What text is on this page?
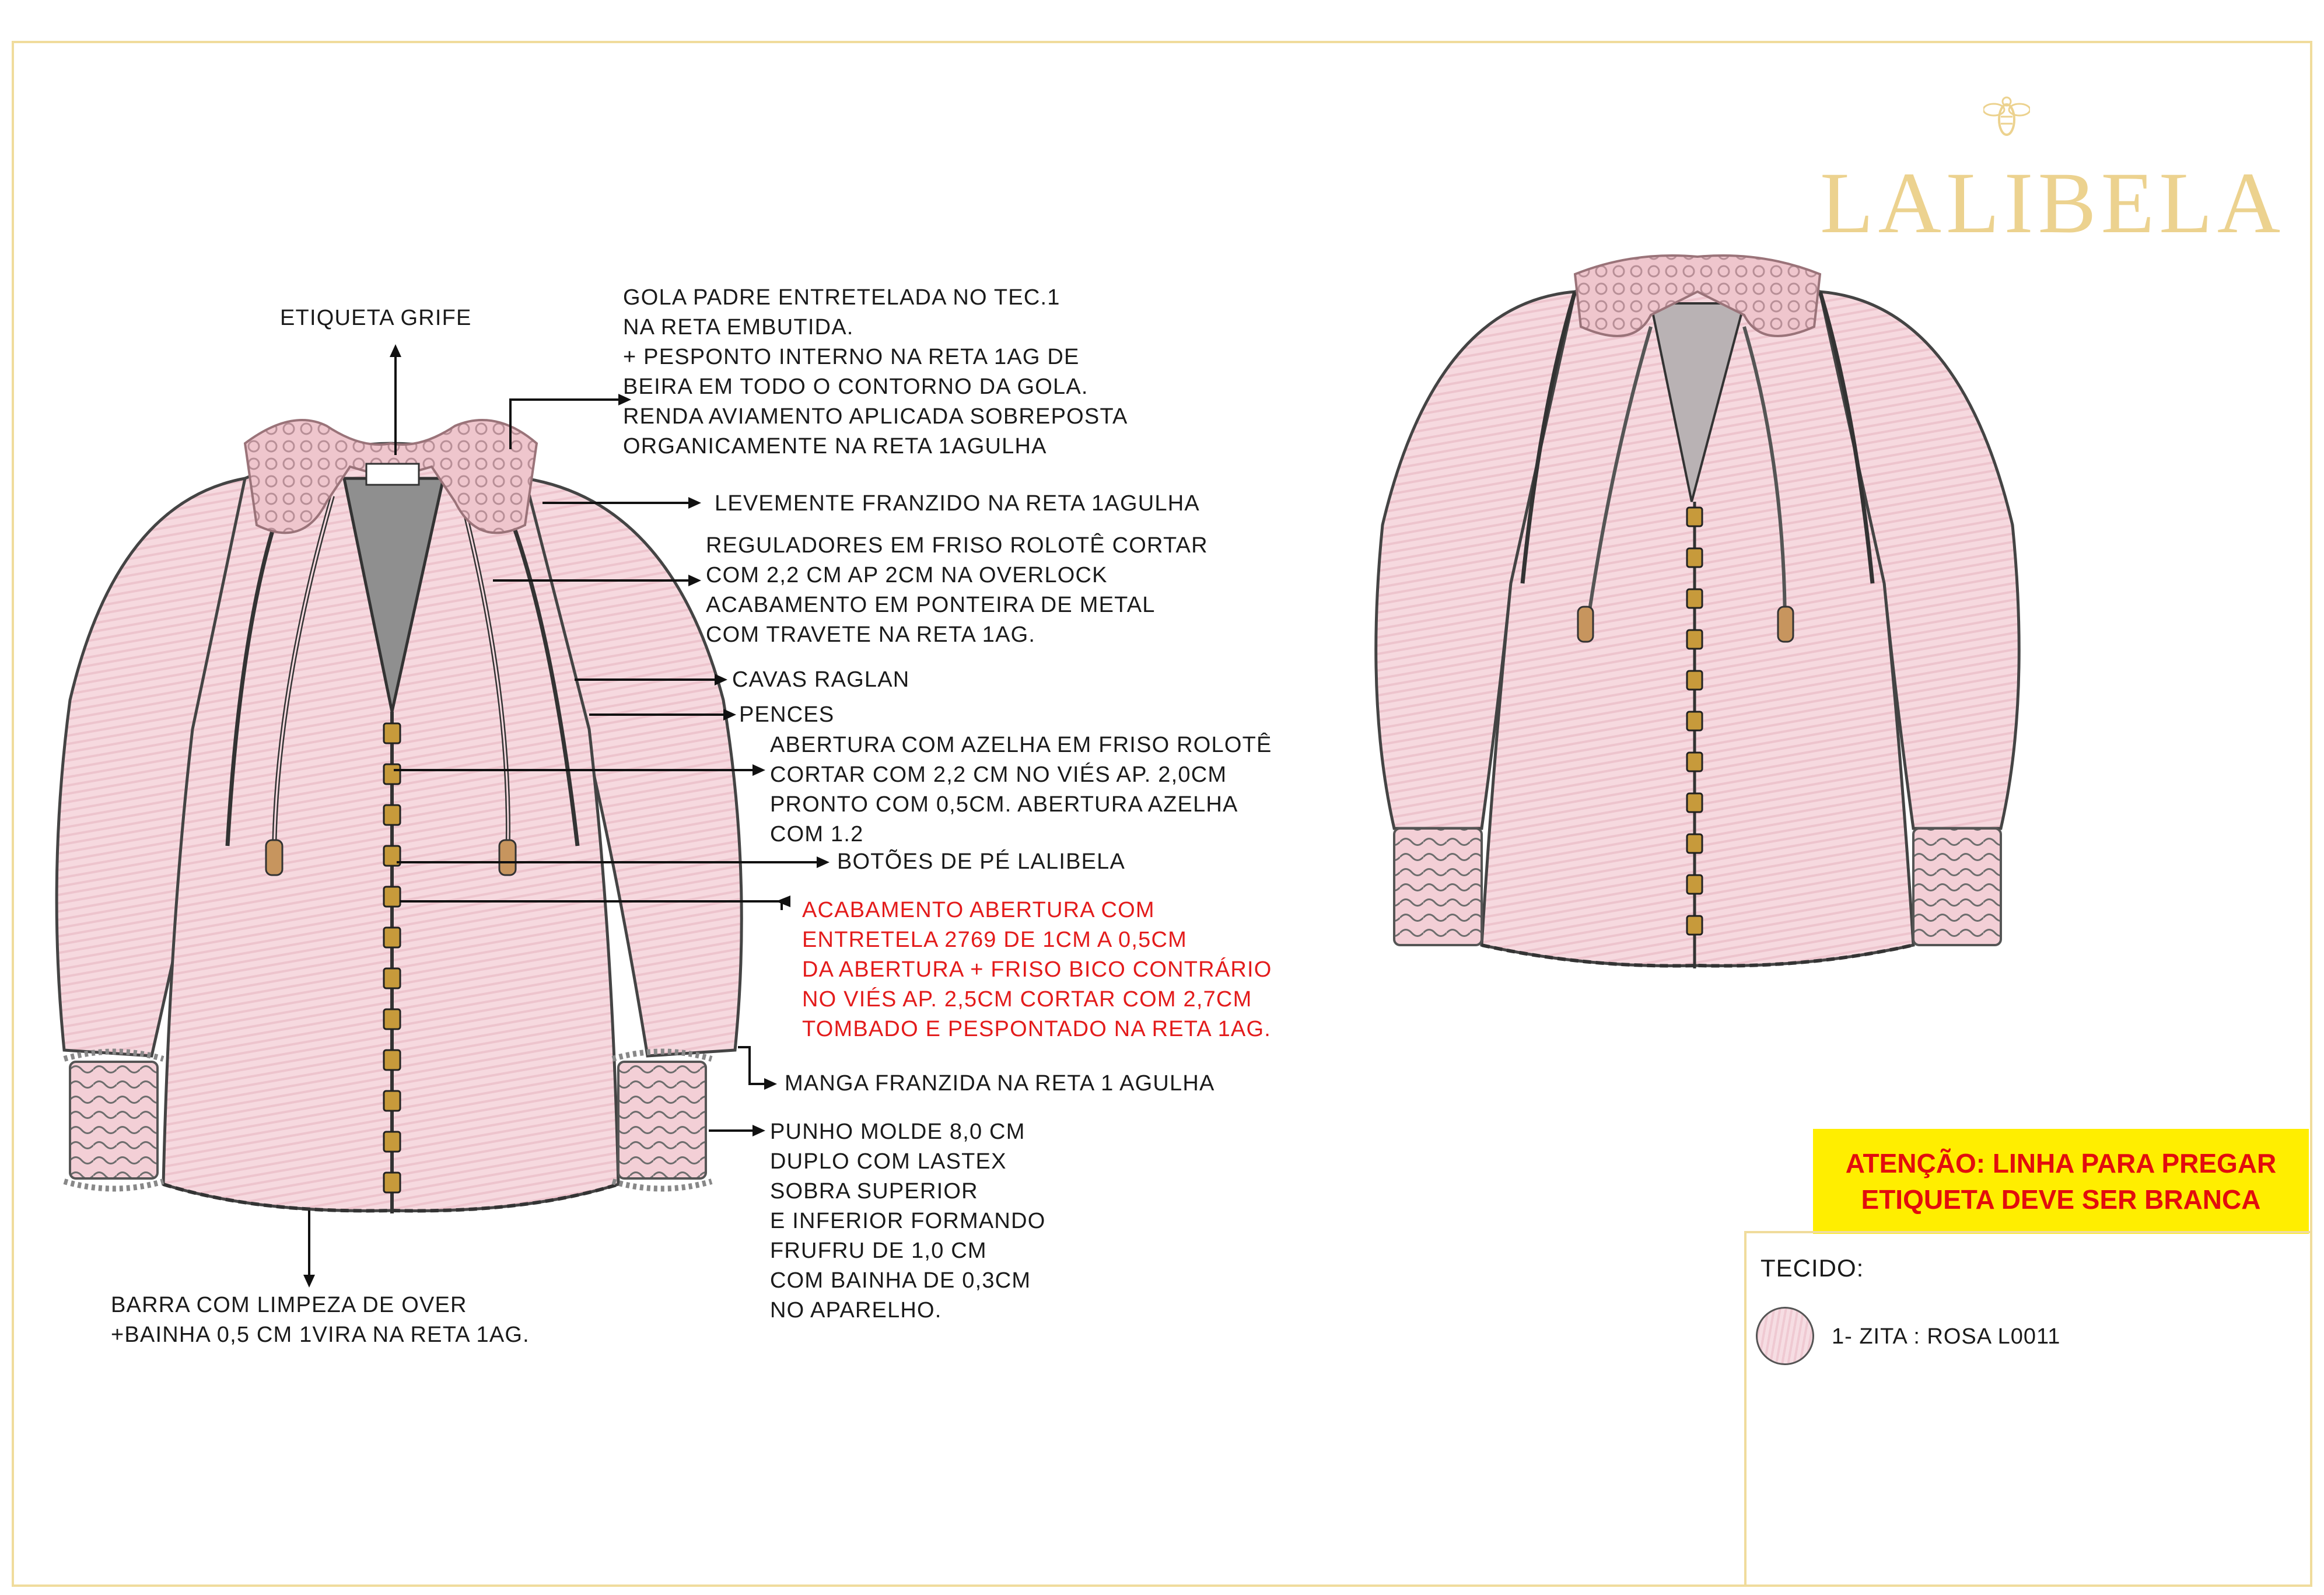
LALIBELA
ETIQUETA GRIFE
GOLA PADRE ENTRETELADA NO TEC.1
NA RETA EMBUTIDA.
+ PESPONTO INTERNO NA RETA 1AG DE
BEIRA EM TODO O CONTORNO DA GOLA.
RENDA AVIAMENTO APLICADA SOBREPOSTA
ORGANICAMENTE NA RETA 1AGULHA
LEVEMENTE FRANZIDO NA RETA 1AGULHA
REGULADORES EM FRISO ROLOTÊ CORTAR
COM 2,2 CM AP 2CM NA OVERLOCK
ACABAMENTO EM PONTEIRA DE METAL
COM TRAVETE NA RETA 1AG.
CAVAS RAGLAN
PENCES
ABERTURA COM AZELHA EM FRISO ROLOTÊ
CORTAR COM 2,2 CM NO VIÉS AP. 2,0CM
PRONTO COM 0,5CM. ABERTURA AZELHA
COM 1.2
BOTÕES DE PÉ LALIBELA
ACABAMENTO ABERTURA COM
ENTRETELA 2769 DE 1CM A 0,5CM
DA ABERTURA + FRISO BICO CONTRÁRIO
NO VIÉS AP. 2,5CM CORTAR COM 2,7CM
TOMBADO E PESPONTADO NA RETA 1AG.
MANGA FRANZIDA NA RETA 1 AGULHA
PUNHO MOLDE 8,0 CM
DUPLO COM LASTEX
SOBRA SUPERIOR
E INFERIOR FORMANDO
FRUFRU DE 1,0 CM
COM BAINHA DE 0,3CM
NO APARELHO.
BARRA COM LIMPEZA DE OVER
+BAINHA 0,5 CM 1VIRA NA RETA 1AG.
ATENÇÃO: LINHA PARA PREGAR
ETIQUETA DEVE SER BRANCA
TECIDO:
1- ZITA : ROSA L0011
